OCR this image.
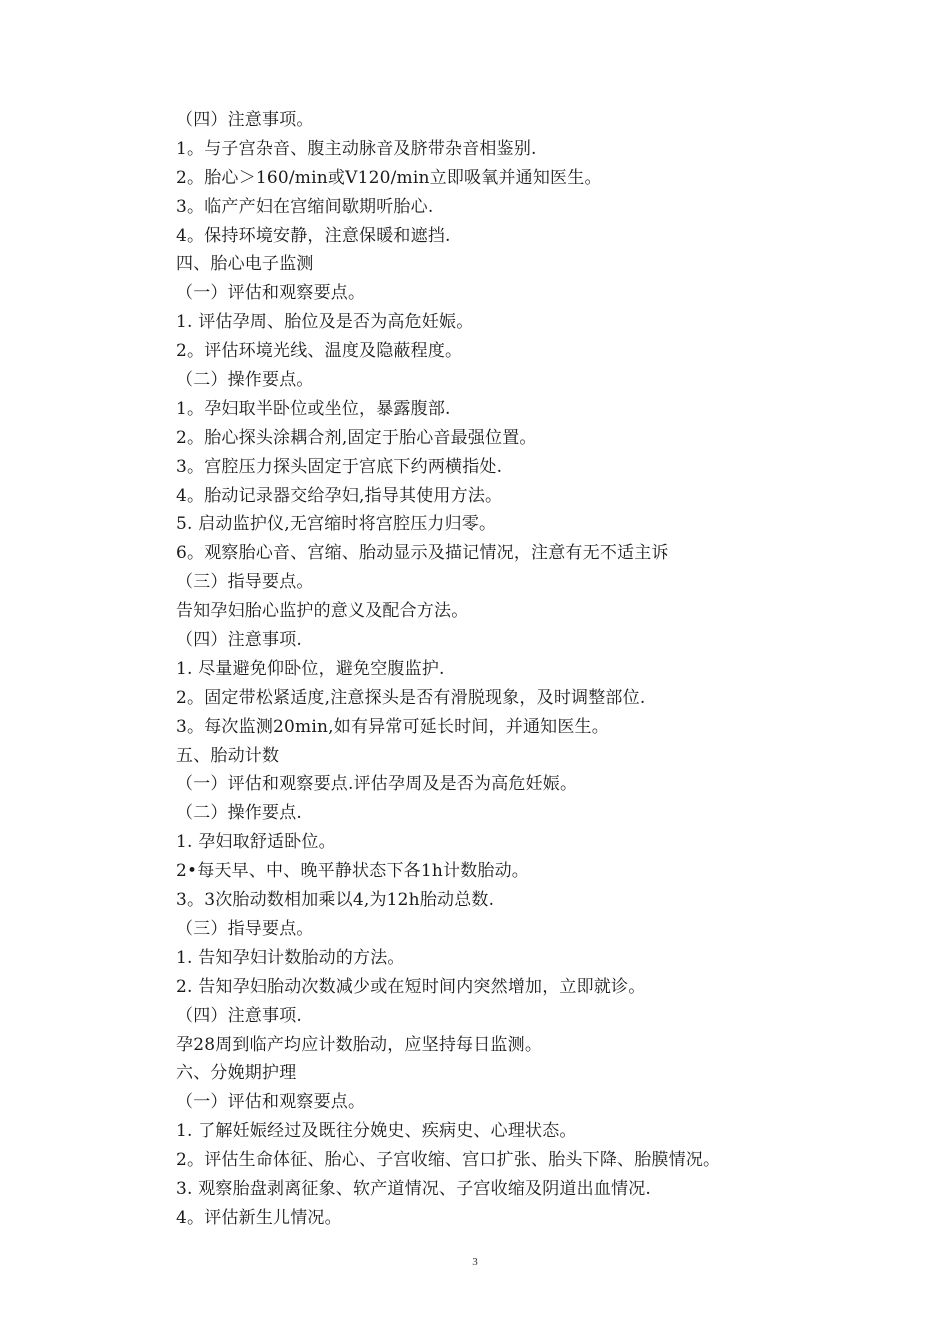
（四）注意事项。
1。与子宫杂音、腹主动脉音及脐带杂音相鉴别.
2。胎心＞160/min或V120/min立即吸氧并通知医生。
3。临产产妇在宫缩间歇期听胎心.
4。保持环境安静，注意保暖和遮挡.
四、胎心电子监测
（一）评估和观察要点。
1. 评估孕周、胎位及是否为高危妊娠。
2。评估环境光线、温度及隐蔽程度。
（二）操作要点。
1。孕妇取半卧位或坐位，暴露腹部.
2。胎心探头涂耦合剂,固定于胎心音最强位置。
3。宫腔压力探头固定于宫底下约两横指处.
4。胎动记录器交给孕妇,指导其使用方法。
5. 启动监护仪,无宫缩时将宫腔压力归零。
6。观察胎心音、宫缩、胎动显示及描记情况，注意有无不适主诉
（三）指导要点。
告知孕妇胎心监护的意义及配合方法。
（四）注意事项.
1. 尽量避免仰卧位，避免空腹监护.
2。固定带松紧适度,注意探头是否有滑脱现象，及时调整部位.
3。每次监测20min,如有异常可延长时间，并通知医生。
五、胎动计数
（一）评估和观察要点.评估孕周及是否为高危妊娠。
（二）操作要点.
1. 孕妇取舒适卧位。
2•每天早、中、晚平静状态下各1h计数胎动。
3。3次胎动数相加乘以4,为12h胎动总数.
（三）指导要点。
1. 告知孕妇计数胎动的方法。
2. 告知孕妇胎动次数减少或在短时间内突然增加，立即就诊。
（四）注意事项.
孕28周到临产均应计数胎动，应坚持每日监测。
六、分娩期护理
（一）评估和观察要点。
1. 了解妊娠经过及既往分娩史、疾病史、心理状态。
2。评估生命体征、胎心、子宫收缩、宫口扩张、胎头下降、胎膜情况。
3. 观察胎盘剥离征象、软产道情况、子宫收缩及阴道出血情况.
4。评估新生儿情况。
3
